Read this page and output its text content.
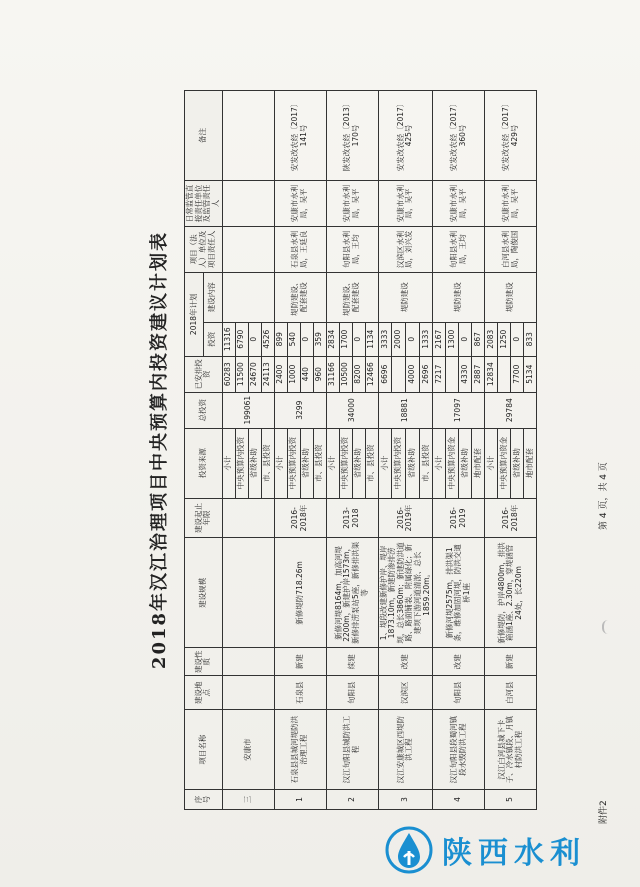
2018年汉江治理项目中央预算内投资建议计划表
序号	项目名称	建设地点	建设性质	建设规模	建设起止年限	投资来源	总投资	已安排投资	2018年计划		项目（法人）单位及项目责任人	日常监管直接责任单位及监管责任人	备注
									投资	建设内容			
三	安康市					小计	199061	60283	11316				
						中央预算内投资		11500	6790				
						省级补助		24670	0				
						市、县投资		24113	4526				
1	石泉县县城河堤防洪治理工程	石泉县	新建	新修堤防718.26m	2016-2018年	小计	3299	2400	899	堤防建设、配套建设	石泉县水利局，王延良	安康市水利局，吴平	安发改农经〔2017〕141号
						中央预算内投资		1000	540				
						省级补助		440	0				
						市、县投资		960	359				
2	汉江旬阳县城防洪工程	旬阳县	续建	新修河堤8164m，加高河堤2200m，新建护岸1573m，新修排涝泵站5座，新修排洪渠等	2013-2018	小计	34000	31166	2834	堤防建设、配套建设	旬阳县水利局，王均	安康市水利局，吴平	陕发改农经〔2013〕170号
						中央预算内投资		10500	1700				
						省级补助		8200	0				
						市、县投资		12466	1134				
3	汉江安康城区西堤防洪工程	汉滨区	改建	1、堤段改建新修护岸、堤岸1873.10m，新建防渗排涝坝，总长3860m；新建防洪道路、路面铺装、附属绿化；新建坝下游河道清淤、总长1859.20m。	2016-2019年	小计	18881	6696	3333	堤防建设	汉滨区水利局，刘兴发	安康市水利局，吴平	安发改农经〔2017〕425号
						中央预算内投资			2000				
						省级补助		4000	0				
						市、县投资		2696	1333				
4	汉江旬阳县段蜀河镇段水毁防洪工程	旬阳县	改建	新修河堤2575m，排洪渠1条，维修加固河堤，防洪交通桥1座	2016-2019	小计	17097	7217	2167	堤防建设	旬阳县水利局，王均	安康市水利局，吴平	安发改农经〔2017〕360号
						中央预算内资金			1300				
						省级补助		4330	0				
						地市配套		2887	867				
5	汉江白河县城下卡子、冷水镇段、月镇村防洪工程	白河县	新建	新修堤防，护岸4800m，排洪箱涵1座、2.30m，穿堤涵管24处，长220m	2016-2018年	小计	29784	12834	2083	堤防建设	白河县水利局，陶俊国	安康市水利局，吴平	安发改农经〔2017〕429号
						中央预算内资金			1250				
						省级补助		7700	0				
						地市配套		5134	833				
附件2
第 4 页，共 4 页
陕西水利
